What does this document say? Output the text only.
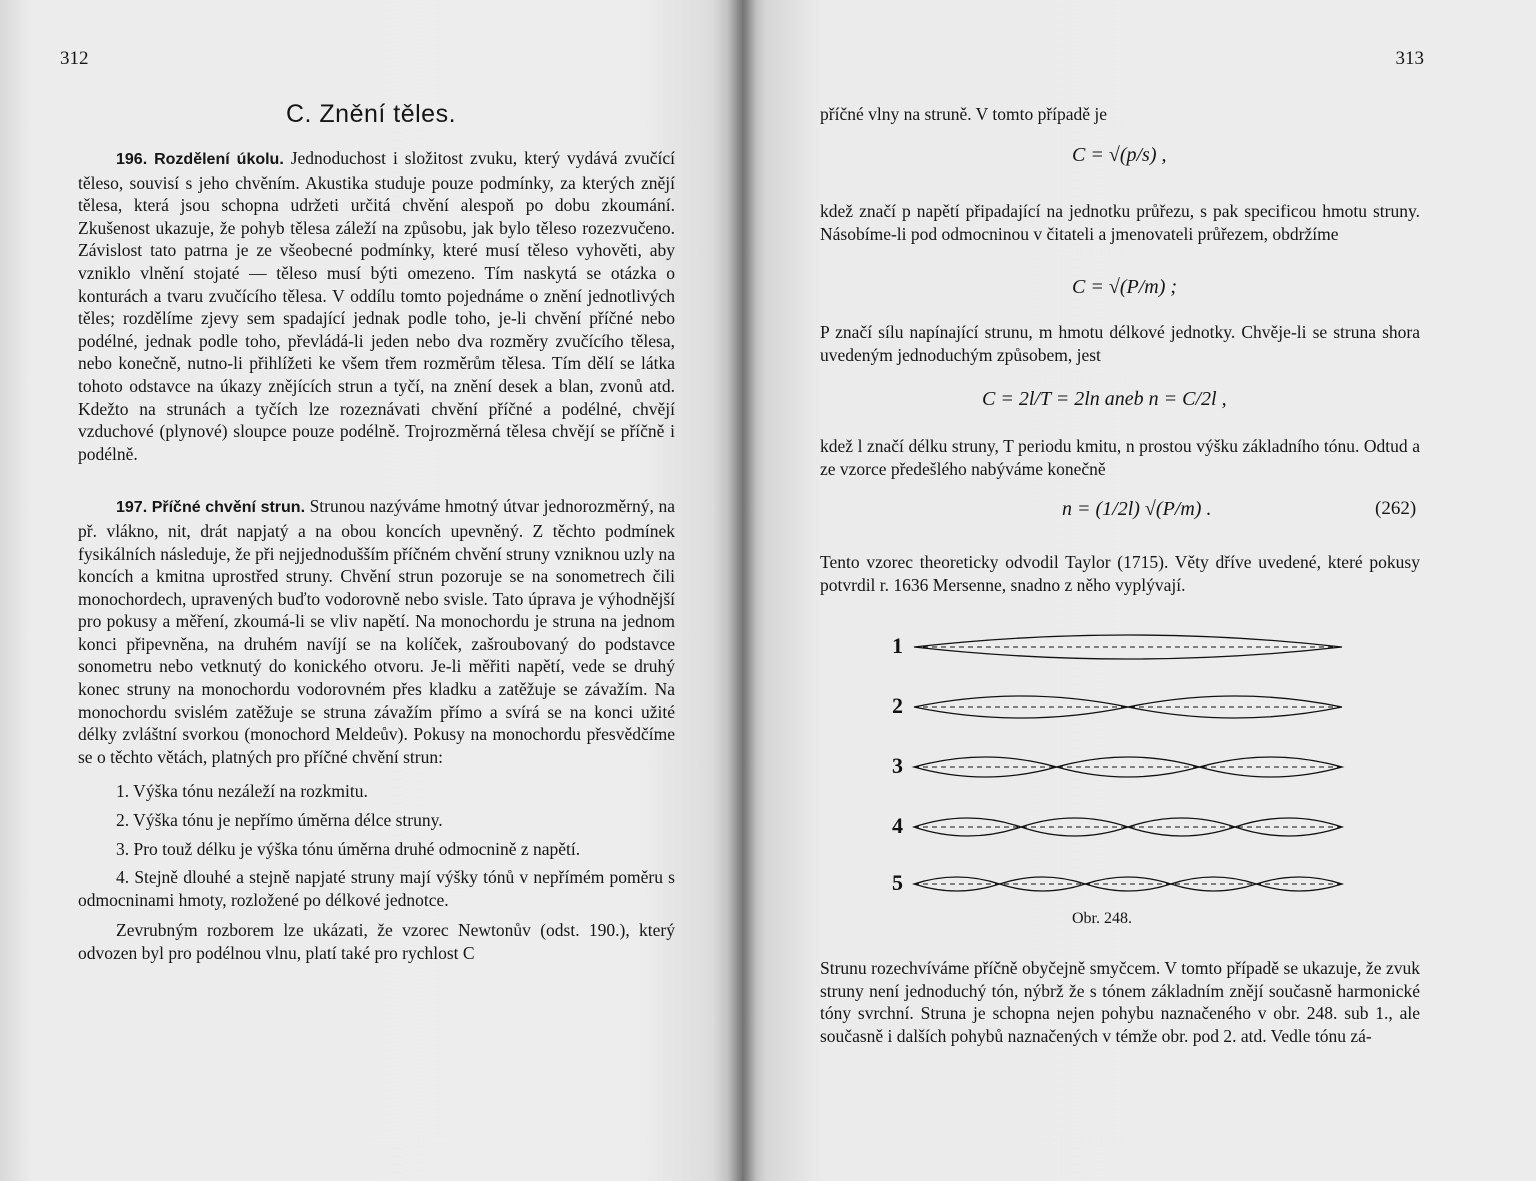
312
C. Znění těles.

196. Rozdělení úkolu. Jednoduchost i složitost zvuku, který vydává zvučící těleso, souvisí s jeho chvěním. Akustika studuje pouze podmínky, za kterých znějí tělesa, která jsou schopna udržeti určitá chvění alespoň po dobu zkoumání. Zkušenost ukazuje, že pohyb tělesa záleží na způsobu, jak bylo těleso rozezvučeno. Závislost tato patrna je ze všeobecné podmínky, které musí těleso vyhověti, aby vzniklo vlnění stojaté — těleso musí býti omezeno. Tím naskytá se otázka o konturách a tvaru zvučícího tělesa. V oddílu tomto pojednáme o znění jednotlivých těles; rozdělíme zjevy sem spadající jednak podle toho, je-li chvění příčné nebo podélné, jednak podle toho, převládá-li jeden nebo dva rozměry zvučícího tělesa, nebo konečně, nutno-li přihlížeti ke všem třem rozměrům tělesa. Tím dělí se látka tohoto odstavce na úkazy znějících strun a tyčí, na znění desek a blan, zvonů atd. Kdežto na strunách a tyčích lze rozeznávati chvění příčné a podélné, chvějí vzduchové (plynové) sloupce pouze podélně. Trojrozměrná tělesa chvějí se příčně i podélně.

197. Příčné chvění strun. Strunou nazýváme hmotný útvar jednorozměrný, na př. vlákno, nit, drát napjatý a na obou koncích upevněný. Z těchto podmínek fysikálních následuje, že při nejjednodušším příčném chvění struny vzniknou uzly na koncích a kmitna uprostřed struny. Chvění strun pozoruje se na sonometrech čili monochordech, upravených buďto vodorovně nebo svisle. Tato úprava je výhodnější pro pokusy a měření, zkoumá-li se vliv napětí. Na monochordu je struna na jednom konci připevněna, na druhém navíjí se na kolíček, zašroubovaný do podstavce sonometru nebo vetknutý do konického otvoru. Je-li měřiti napětí, vede se druhý konec struny na monochordu vodorovném přes kladku a zatěžuje se závažím. Na monochordu svislém zatěžuje se struna závažím přímo a svírá se na konci užité délky zvláštní svorkou (monochord Meldeův). Pokusy na monochordu přesvědčíme se o těchto větách, platných pro příčné chvění strun:

1. Výška tónu nezáleží na rozkmitu.
2. Výška tónu je nepřímo úměrna délce struny.
3. Pro touž délku je výška tónu úměrna druhé odmocnině z napětí.
4. Stejně dlouhé a stejně napjaté struny mají výšky tónů v nepřímém poměru s odmocninami hmoty, rozložené po délkové jednotce.

Zevrubným rozborem lze ukázati, že vzorec Newtonův (odst. 190.), který odvozen byl pro podélnou vlnu, platí také pro rychlost C

313
příčné vlny na struně. V tomto případě je
C = √(p/s) ,
kdež značí p napětí připadající na jednotku průřezu, s pak specificou hmotu struny. Násobíme-li pod odmocninou v čitateli a jmenovateli průřezem, obdržíme
C = √(P/m) ;
P značí sílu napínající strunu, m hmotu délkové jednotky. Chvěje-li se struna shora uvedeným jednoduchým způsobem, jest
C = 2l/T = 2ln aneb n = C/2l ,
kdež l značí délku struny, T periodu kmitu, n prostou výšku základního tónu. Odtud a ze vzorce předešlého nabýváme konečně
n = (1/2l) √(P/m) .	(262)
Tento vzorec theoreticky odvodil Taylor (1715). Věty dříve uvedené, které pokusy potvrdil r. 1636 Mersenne, snadno z něho vyplývají.
1
2
3
4
5
Obr. 248.
Strunu rozechvíváme příčně obyčejně smyčcem. V tomto případě se ukazuje, že zvuk struny není jednoduchý tón, nýbrž že s tónem základním znějí současně harmonické tóny svrchní. Struna je schopna nejen pohybu naznačeného v obr. 248. sub 1., ale současně i dalších pohybů naznačených v témže obr. pod 2. atd. Vedle tónu zá-
